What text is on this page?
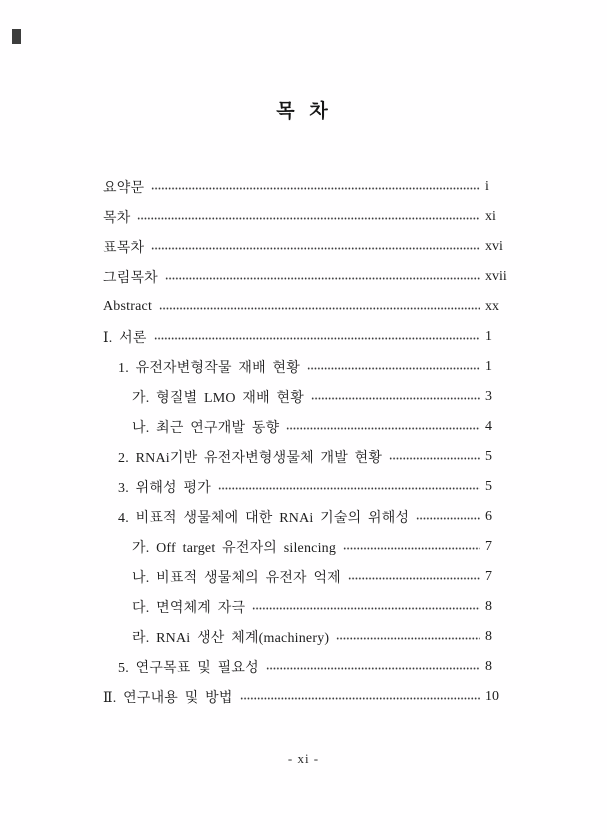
목 차
요약문	i
목차	xi
표목차	xvi
그림목차	xvii
Abstract	xx
Ⅰ. 서론	1
1. 유전자변형작물 재배 현황	1
가. 형질별 LMO 재배 현황	3
나. 최근 연구개발 동향	4
2. RNAi기반 유전자변형생물체 개발 현황	5
3. 위해성 평가	5
4. 비표적 생물체에 대한 RNAi 기술의 위해성	6
가. Off target 유전자의 silencing	7
나. 비표적 생물체의 유전자 억제	7
다. 면역체계 자극	8
라. RNAi 생산 체계(machinery)	8
5. 연구목표 및 필요성	8
Ⅱ. 연구내용 및 방법	10
- xi -
